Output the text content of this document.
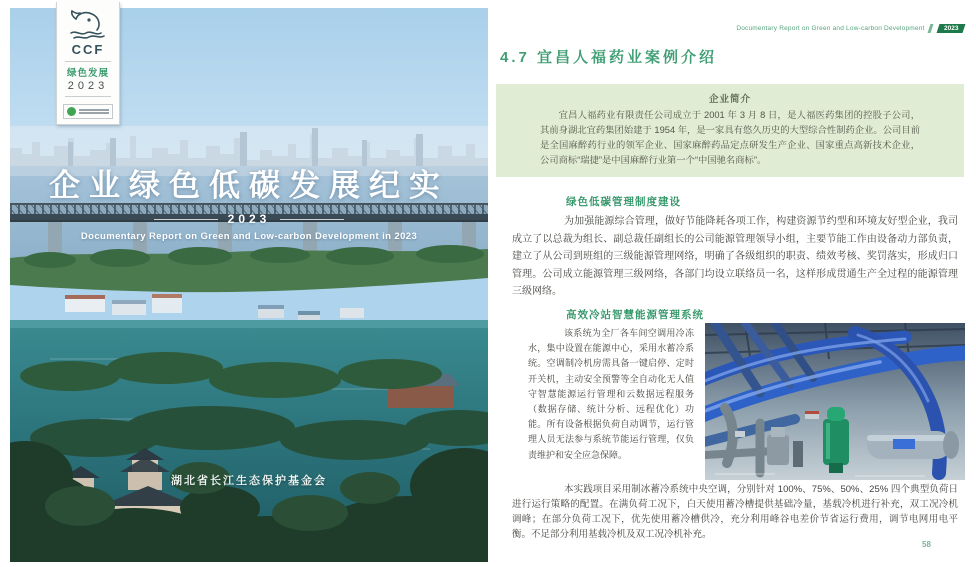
企业绿色低碳发展纪实
2023
Documentary Report on Green and Low-carbon Development in 2023
湖北省长江生态保护基金会
CCF
绿色发展
2023
Documentary Report on Green and Low-carbon Development	2023
4.7 宜昌人福药业案例介绍
企业简介
宜昌人福药业有限责任公司成立于 2001 年 3 月 8 日，是人福医药集团的控股子公司，其前身湖北宜药集团始建于 1954 年，是一家具有悠久历史的大型综合性制药企业。公司目前是全国麻醉药行业的领军企业、国家麻醉药品定点研发生产企业、国家重点高新技术企业，公司商标“瑞捷”是中国麻醉行业第一个“中国驰名商标”。
绿色低碳管理制度建设
为加强能源综合管理，做好节能降耗各项工作，构建资源节约型和环境友好型企业，我司成立了以总裁为组长、副总裁任副组长的公司能源管理领导小组，主要节能工作由设备动力部负责，建立了从公司到班组的三级能源管理网络，明确了各级组织的职责、绩效考核、奖罚落实，形成归口管理。公司成立能源管理三级网络，各部门均设立联络员一名，这样形成贯通生产全过程的能源管理三级网络。
高效冷站智慧能源管理系统
该系统为全厂各车间空调用冷冻水，集中设置在能源中心，采用水蓄冷系统。空调制冷机房需具备一键启停、定时开关机，主动安全预警等全自动化无人值守智慧能源运行管理和云数据远程服务（数据存储、统计分析、远程优化）功能。所有设备根据负荷自动调节，运行管理人员无法参与系统节能运行管理，仅负责维护和安全应急保障。
本实践项目采用制冰蓄冷系统中央空调，分别针对 100%、75%、50%、25% 四个典型负荷日进行运行策略的配置。在满负荷工况下，白天使用蓄冷槽提供基础冷量，基载冷机进行补充，双工况冷机调峰；在部分负荷工况下，优先使用蓄冷槽供冷，充分利用峰谷电差价节省运行费用，调节电网用电平衡。不足部分利用基载冷机及双工况冷机补充。
58
